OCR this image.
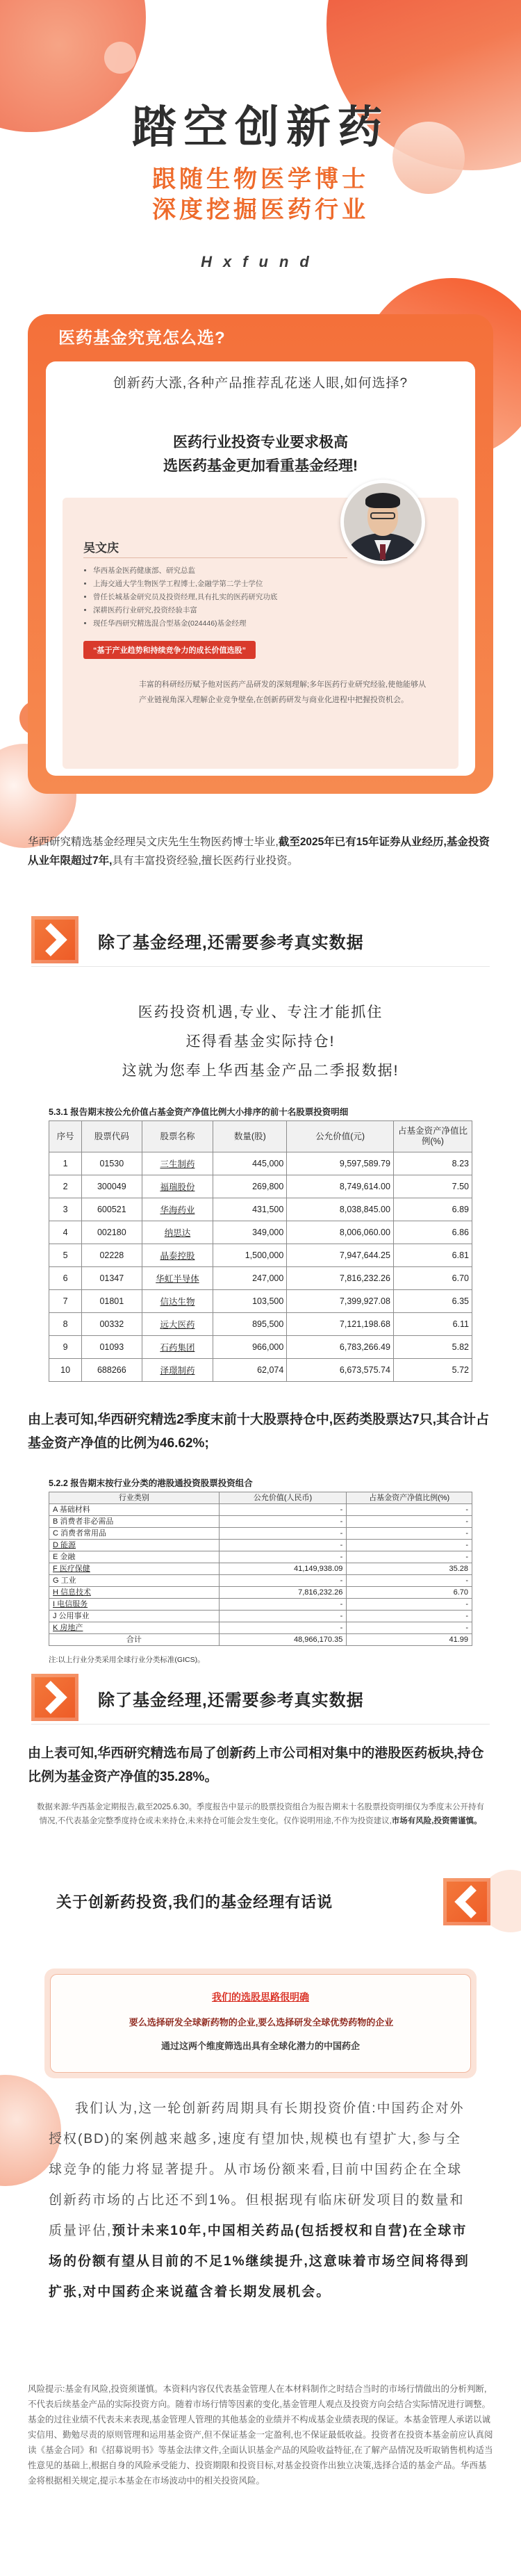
踏空创新药
跟随生物医学博士
深度挖掘医药行业
Hxfund
医药基金究竟怎么选?
创新药大涨,各种产品推荐乱花迷人眼,如何选择?
医药行业投资专业要求极高
选医药基金更加看重基金经理!
吴文庆
• 华西基金医药健康部、研究总监
• 上海交通大学生物医学工程博士,金融学第二学士学位
• 曾任长城基金研究员及投资经理,具有扎实的医药研究功底
• 深耕医药行业研究,投资经验丰富
• 现任华西研究精选混合型基金(024446)基金经理
“基于产业趋势和持续竞争力的成长价值选股”
丰富的科研经历赋予他对医药产品研发的深刻理解;多年医药行业研究经验,使他能够从产业链视角深入理解企业竞争壁垒,在创新药研发与商业化进程中把握投资机会。

华西研究精选基金经理吴文庆先生生物医药博士毕业,截至2025年已有15年证券从业经历,基金投资从业年限超过7年,具有丰富投资经验,擅长医药行业投资。

除了基金经理,还需要参考真实数据
医药投资机遇,专业、专注才能抓住
还得看基金实际持仓!
这就为您奉上华西基金产品二季报数据!
5.3.1 报告期末按公允价值占基金资产净值比例大小排序的前十名股票投资明细
序号	股票代码	股票名称	数量(股)	公允价值(元)	占基金资产净值比例(%)
1	01530	三生制药	445,000	9,597,589.79	8.23
2	300049	福瑞股份	269,800	8,749,614.00	7.50
3	600521	华海药业	431,500	8,038,845.00	6.89
4	002180	纳思达	349,000	8,006,060.00	6.86
5	02228	晶泰控股	1,500,000	7,947,644.25	6.81
6	01347	华虹半导体	247,000	7,816,232.26	6.70
7	01801	信达生物	103,500	7,399,927.08	6.35
8	00332	远大医药	895,500	7,121,198.68	6.11
9	01093	石药集团	966,000	6,783,266.49	5.82
10	688266	泽璟制药	62,074	6,673,575.74	5.72

由上表可知,华西研究精选2季度末前十大股票持仓中,医药类股票达7只,其合计占基金资产净值的比例为46.62%;

5.2.2 报告期末按行业分类的港股通投资股票投资组合
行业类别	公允价值(人民币)	占基金资产净值比例(%)
A 基础材料	-	-
B 消费者非必需品	-	-
C 消费者常用品	-	-
D 能源	-	-
E 金融	-	-
F 医疗保健	41,149,938.09	35.28
G 工业	-	-
H 信息技术	7,816,232.26	6.70
I 电信服务	-	-
J 公用事业	-	-
K 房地产	-	-
合计	48,966,170.35	41.99
注:以上行业分类采用全球行业分类标准(GICS)。
除了基金经理,还需要参考真实数据

由上表可知,华西研究精选布局了创新药上市公司相对集中的港股医药板块,持仓比例为基金资产净值的35.28%。

数据来源:华西基金定期报告,截至2025.6.30。季度报告中显示的股票投资组合为报告期末十名股票投资明细仅为季度末公开持有情况,不代表基金完整季度持仓或未来持仓,未来持仓可能会发生变化。仅作说明用途,不作为投资建议,市场有风险,投资需谨慎。

关于创新药投资,我们的基金经理有话说
我们的选股思路很明确
要么选择研发全球新药物的企业,要么选择研发全球优势药物的企业
通过这两个维度筛选出具有全球化潜力的中国药企

我们认为,这一轮创新药周期具有长期投资价值:中国药企对外授权(BD)的案例越来越多,速度有望加快,规模也有望扩大,参与全球竞争的能力将显著提升。从市场份额来看,目前中国药企在全球创新药市场的占比还不到1%。但根据现有临床研发项目的数量和质量评估,预计未来10年,中国相关药品(包括授权和自营)在全球市场的份额有望从目前的不足1%继续提升,这意味着市场空间将得到扩张,对中国药企来说蕴含着长期发展机会。

风险提示:基金有风险,投资须谨慎。本资料内容仅代表基金管理人在本材料制作之时结合当时的市场行情做出的分析判断,不代表后续基金产品的实际投资方向。随着市场行情等因素的变化,基金管理人观点及投资方向会结合实际情况进行调整。基金的过往业绩不代表未来表现,基金管理人管理的其他基金的业绩并不构成基金业绩表现的保证。本基金管理人承诺以诚实信用、勤勉尽责的原则管理和运用基金资产,但不保证基金一定盈利,也不保证最低收益。投资者在投资本基金前应认真阅读《基金合同》和《招募说明书》等基金法律文件,全面认识基金产品的风险收益特征,在了解产品情况及听取销售机构适当性意见的基础上,根据自身的风险承受能力、投资期限和投资目标,对基金投资作出独立决策,选择合适的基金产品。华西基金将根据相关规定,提示本基金在市场波动中的相关投资风险。
